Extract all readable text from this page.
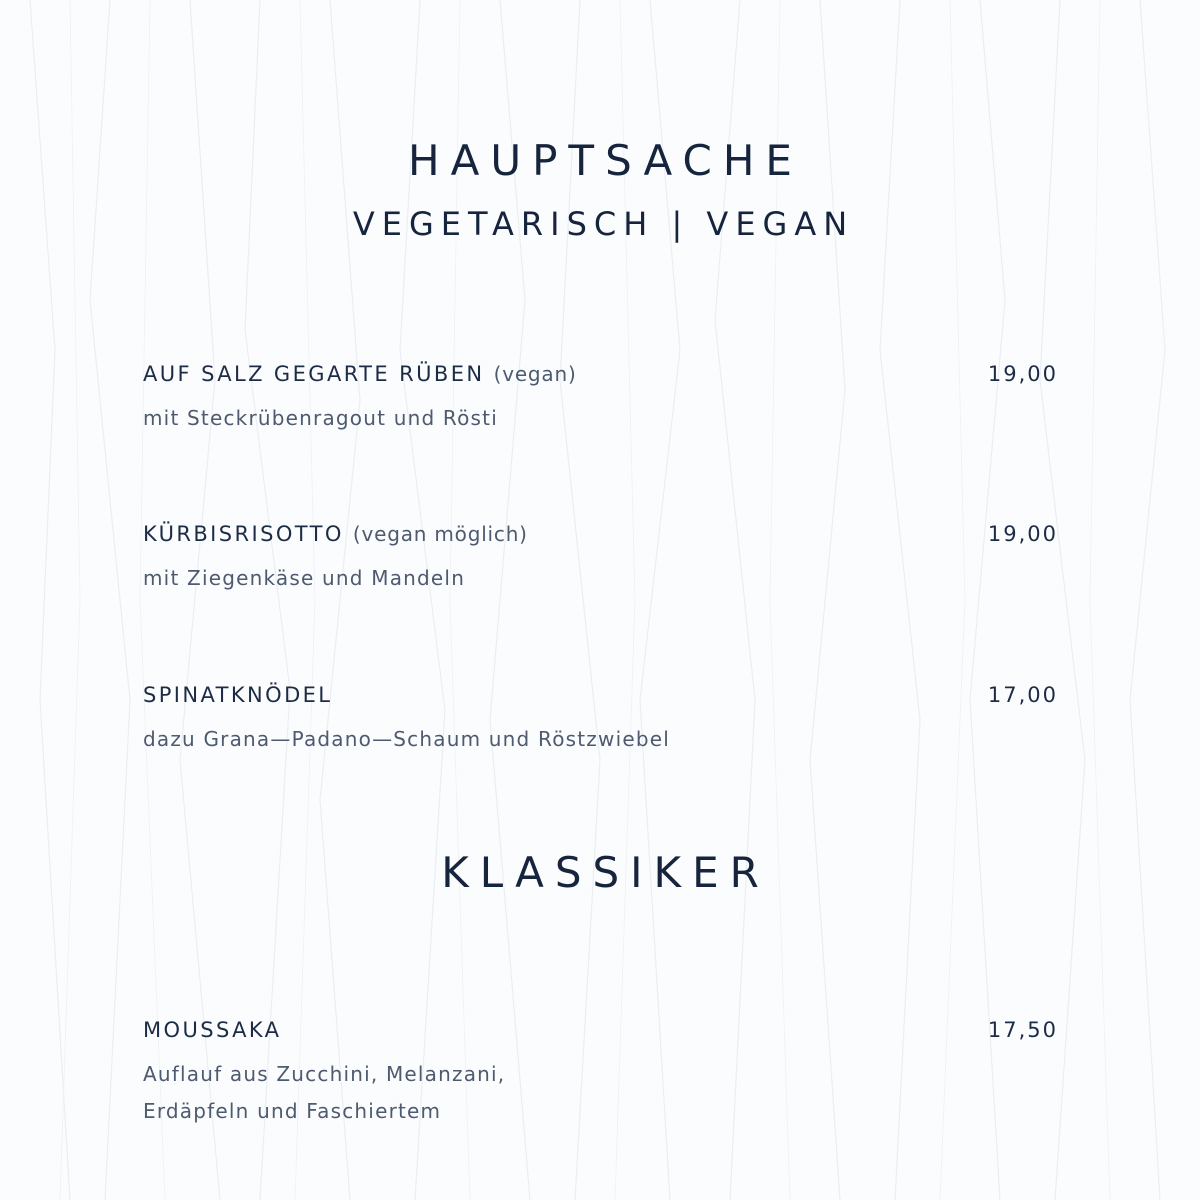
HAUPTSACHE
VEGETARISCH | VEGAN
AUF SALZ GEGARTE RÜBEN (vegan)	19,00
mit Steckrübenragout und Rösti
KÜRBISRISOTTO (vegan möglich)	19,00
mit Ziegenkäse und Mandeln
SPINATKNÖDEL	17,00
dazu Grana—Padano—Schaum und Röstzwiebel
KLASSIKER
MOUSSAKA	17,50
Auflauf aus Zucchini, Melanzani,
Erdäpfeln und Faschiertem
